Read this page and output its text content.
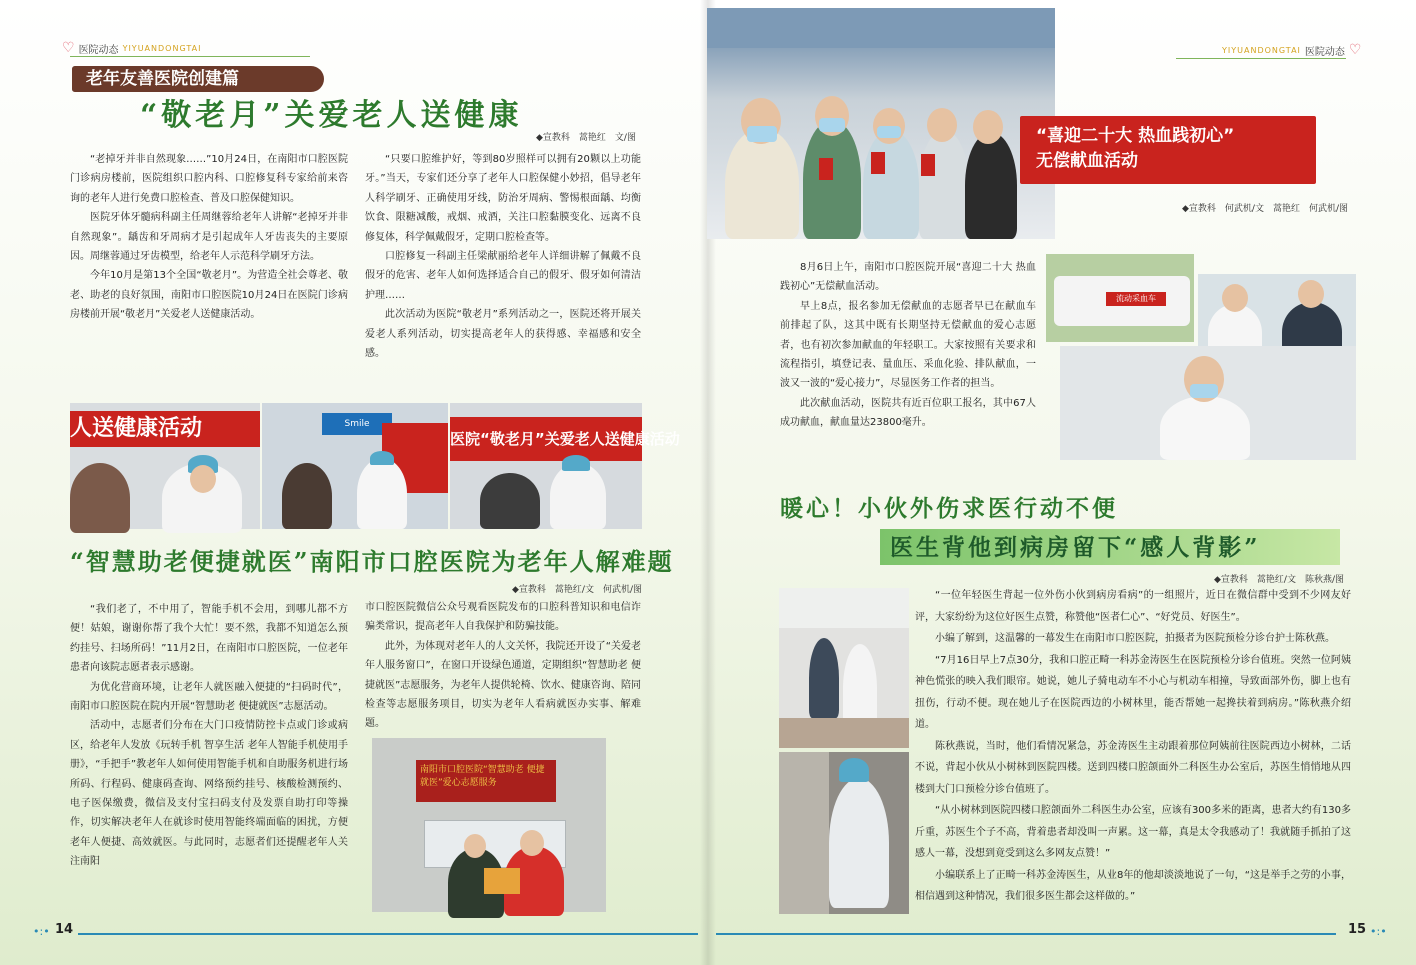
♡ 医院动态 YIYUANDONGTAI
老年友善医院创建篇
“敬老月”关爱老人送健康
◆宣教科　蒿艳红　文/图

“老掉牙并非自然现象……”10月24日，在南阳市口腔医院门诊病房楼前，医院组织口腔内科、口腔修复科专家给前来咨询的老年人进行免费口腔检查、普及口腔保健知识。

医院牙体牙髓病科副主任周继蓉给老年人讲解“老掉牙并非自然现象”。龋齿和牙周病才是引起成年人牙齿丧失的主要原因。周继蓉通过牙齿模型，给老年人示范科学刷牙方法。

今年10月是第13个全国“敬老月”。为营造全社会尊老、敬老、助老的良好氛围，南阳市口腔医院10月24日在医院门诊病房楼前开展“敬老月”关爱老人送健康活动。

“只要口腔维护好，等到80岁照样可以拥有20颗以上功能牙。”当天，专家们还分享了老年人口腔保健小妙招，倡导老年人科学刷牙、正确使用牙线，防治牙周病、警惕根面龋、均衡饮食、限糖减酸，戒烟、戒酒，关注口腔黏膜变化、远离不良修复体，科学佩戴假牙，定期口腔检查等。

口腔修复一科副主任梁献丽给老年人详细讲解了佩戴不良假牙的危害、老年人如何选择适合自己的假牙、假牙如何清洁护理……

此次活动为医院“敬老月”系列活动之一，医院还将开展关爱老人系列活动，切实提高老年人的获得感、幸福感和安全感。

人送健康活动	Smile
医院“敬老月”关爱老人送健康活动
“智慧助老便捷就医”南阳市口腔医院为老年人解难题
◆宣教科　蒿艳红/文　何武机/图

“我们老了，不中用了，智能手机不会用，到哪儿都不方便！姑娘，谢谢你帮了我个大忙！要不然，我都不知道怎么预约挂号、扫场所码！”11月2日，在南阳市口腔医院，一位老年患者向该院志愿者表示感谢。

为优化营商环境，让老年人就医融入便捷的“扫码时代”，南阳市口腔医院在院内开展“智慧助老 便捷就医”志愿活动。

活动中，志愿者们分布在大门口疫情防控卡点或门诊或病区，给老年人发放《玩转手机 智享生活 老年人智能手机使用手册》，“手把手”教老年人如何使用智能手机和自助服务机进行场所码、行程码、健康码查询、网络预约挂号、核酸检测预约、电子医保缴费，微信及支付宝扫码支付及发票自助打印等操作，切实解决老年人在就诊时使用智能终端面临的困扰，方便老年人便捷、高效就医。与此同时，志愿者们还提醒老年人关注南阳

市口腔医院微信公众号观看医院发布的口腔科普知识和电信诈骗类常识，提高老年人自我保护和防骗技能。

此外，为体现对老年人的人文关怀，我院还开设了“关爱老年人服务窗口”，在窗口开设绿色通道，定期组织“智慧助老 便捷就医”志愿服务，为老年人提供轮椅、饮水、健康咨询、陪同检查等志愿服务项目，切实为老年人看病就医办实事、解难题。

南阳市口腔医院“智慧助老 便捷就医”爱心志愿服务
•:• 14
YIYUANDONGTAI 医院动态 ♡
“喜迎二十大 热血践初心”
无偿献血活动
◆宣教科　何武机/文　蒿艳红　何武机/图

8月6日上午，南阳市口腔医院开展“喜迎二十大 热血践初心”无偿献血活动。

早上8点，报名参加无偿献血的志愿者早已在献血车前排起了队，这其中既有长期坚持无偿献血的爱心志愿者，也有初次参加献血的年轻职工。大家按照有关要求和流程指引，填登记表、量血压、采血化验、排队献血，一波又一波的“爱心接力”，尽显医务工作者的担当。

此次献血活动，医院共有近百位职工报名，其中67人成功献血，献血量达23800毫升。

流动采血车
暖心！小伙外伤求医行动不便
医生背他到病房留下“感人背影”
◆宣教科　蒿艳红/文　陈秋燕/图

“一位年轻医生背起一位外伤小伙到病房看病”的一组照片，近日在微信群中受到不少网友好评，大家纷纷为这位好医生点赞，称赞他“医者仁心”、“好党员、好医生”。

小编了解到，这温馨的一幕发生在南阳市口腔医院，拍摄者为医院预检分诊台护士陈秋燕。

“7月16日早上7点30分，我和口腔正畸一科苏金涛医生在医院预检分诊台值班。突然一位阿姨神色慌张的映入我们眼帘。她说，她儿子骑电动车不小心与机动车相撞，导致面部外伤，脚上也有扭伤，行动不便。现在她儿子在医院西边的小树林里，能否帮她一起搀扶着到病房。”陈秋燕介绍道。

陈秋燕说，当时，他们看情况紧急，苏金涛医生主动跟着那位阿姨前往医院西边小树林，二话不说，背起小伙从小树林到医院四楼。送到四楼口腔颌面外二科医生办公室后，苏医生悄悄地从四楼到大门口预检分诊台值班了。

“从小树林到医院四楼口腔颌面外二科医生办公室，应该有300多米的距离，患者大约有130多斤重，苏医生个子不高，背着患者却没叫一声累。这一幕，真是太令我感动了！我就随手抓拍了这感人一幕，没想到竟受到这么多网友点赞！”

小编联系上了正畸一科苏金涛医生，从业8年的他却淡淡地说了一句，“这是举手之劳的小事，相信遇到这种情况，我们很多医生都会这样做的。”

15 •:•
